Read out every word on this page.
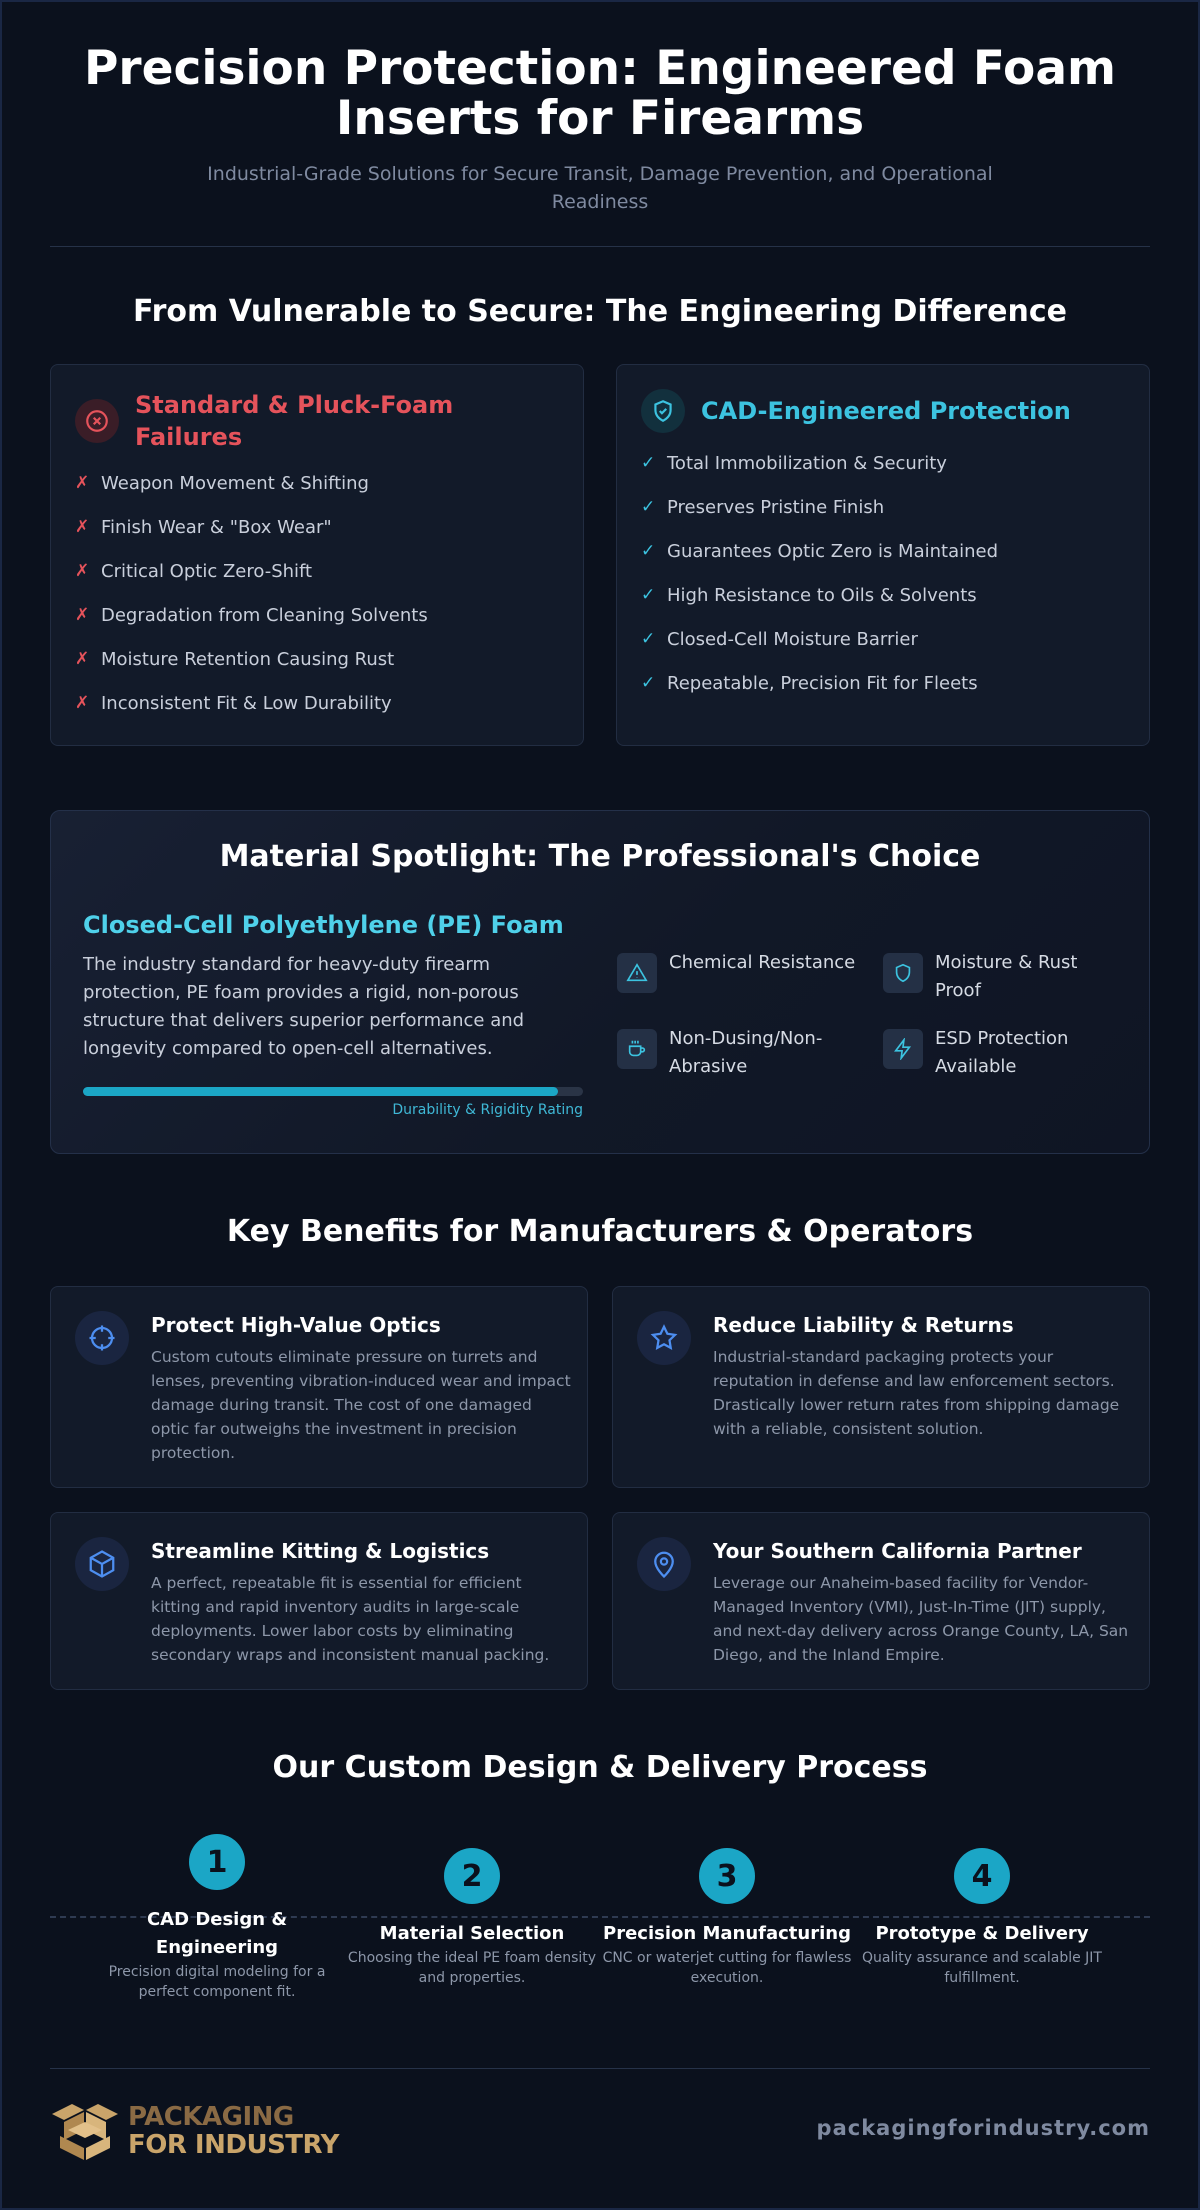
Precision Protection: Engineered Foam Inserts for Firearms

Industrial-Grade Solutions for Secure Transit, Damage Prevention, and Operational Readiness

From Vulnerable to Secure: The Engineering Difference
Standard & Pluck-Foam Failures
✗ Weapon Movement & Shifting
✗ Finish Wear & "Box Wear"
✗ Critical Optic Zero-Shift
✗ Degradation from Cleaning Solvents
✗ Moisture Retention Causing Rust
✗ Inconsistent Fit & Low Durability
CAD-Engineered Protection
✓ Total Immobilization & Security
✓ Preserves Pristine Finish
✓ Guarantees Optic Zero is Maintained
✓ High Resistance to Oils & Solvents
✓ Closed-Cell Moisture Barrier
✓ Repeatable, Precision Fit for Fleets
Material Spotlight: The Professional's Choice
Closed-Cell Polyethylene (PE) Foam

The industry standard for heavy-duty firearm protection, PE foam provides a rigid, non-porous structure that delivers superior performance and longevity compared to open-cell alternatives.

Durability & Rigidity Rating
Chemical Resistance	Moisture & Rust Proof
Non-Dusing/Non-Abrasive
ESD Protection Available
Key Benefits for Manufacturers & Operators
Protect High-Value Optics

Custom cutouts eliminate pressure on turrets and lenses, preventing vibration-induced wear and impact damage during transit. The cost of one damaged optic far outweighs the investment in precision protection.

Reduce Liability & Returns

Industrial-standard packaging protects your reputation in defense and law enforcement sectors. Drastically lower return rates from shipping damage with a reliable, consistent solution.

Streamline Kitting & Logistics

A perfect, repeatable fit is essential for efficient kitting and rapid inventory audits in large-scale deployments. Lower labor costs by eliminating secondary wraps and inconsistent manual packing.

Your Southern California Partner

Leverage our Anaheim-based facility for Vendor-Managed Inventory (VMI), Just-In-Time (JIT) supply, and next-day delivery across Orange County, LA, San Diego, and the Inland Empire.

Our Custom Design & Delivery Process
1
CAD Design & Engineering
Precision digital modeling for a perfect component fit.
2
Material Selection
Choosing the ideal PE foam density and properties.
3
Precision Manufacturing
CNC or waterjet cutting for flawless execution.
4
Prototype & Delivery
Quality assurance and scalable JIT fulfillment.
PACKAGING
FOR INDUSTRY
packagingforindustry.com
